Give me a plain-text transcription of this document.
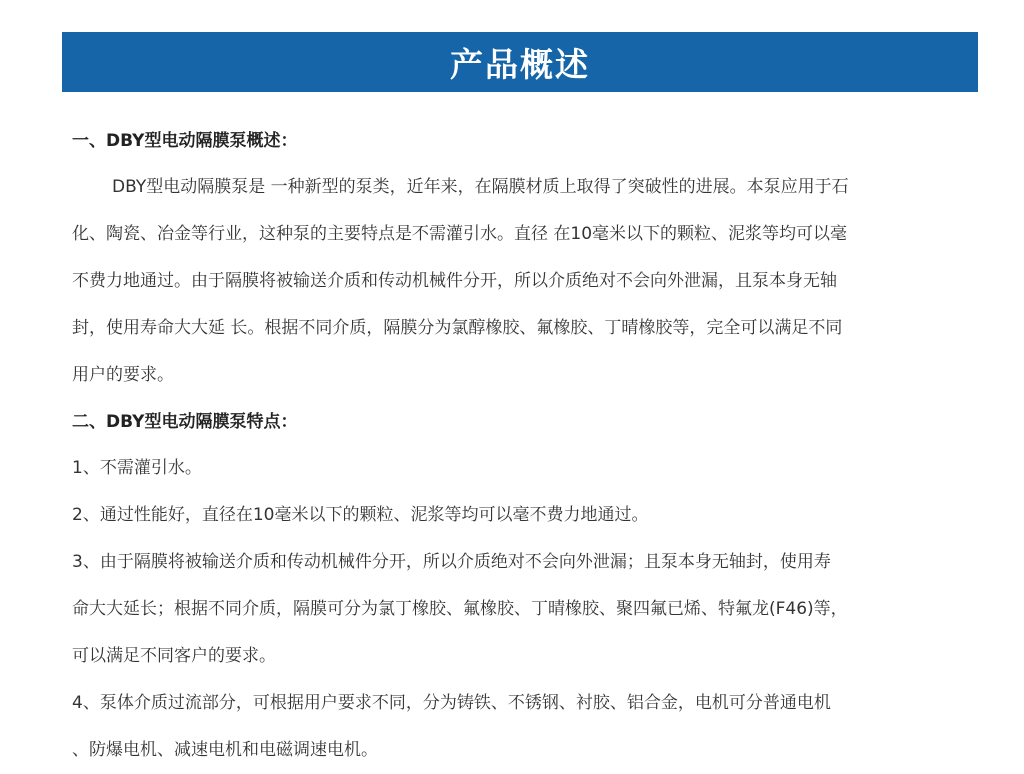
产品概述
一、DBY型电动隔膜泵概述：
DBY型电动隔膜泵是 一种新型的泵类，近年来，在隔膜材质上取得了突破性的进展。本泵应用于石
化、陶瓷、冶金等行业，这种泵的主要特点是不需灌引水。直径 在10毫米以下的颗粒、泥浆等均可以毫
不费力地通过。由于隔膜将被输送介质和传动机械件分开，所以介质绝对不会向外泄漏，且泵本身无轴
封，使用寿命大大延 长。根据不同介质，隔膜分为氯醇橡胶、氟橡胶、丁晴橡胶等，完全可以满足不同
用户的要求。
二、DBY型电动隔膜泵特点：
1、不需灌引水。
2、通过性能好，直径在10毫米以下的颗粒、泥浆等均可以毫不费力地通过。
3、由于隔膜将被输送介质和传动机械件分开，所以介质绝对不会向外泄漏；且泵本身无轴封，使用寿
命大大延长；根据不同介质，隔膜可分为氯丁橡胶、氟橡胶、丁晴橡胶、聚四氟已烯、特氟龙(F46)等，
可以满足不同客户的要求。
4、泵体介质过流部分，可根据用户要求不同，分为铸铁、不锈钢、衬胶、铝合金，电机可分普通电机
、防爆电机、减速电机和电磁调速电机。
